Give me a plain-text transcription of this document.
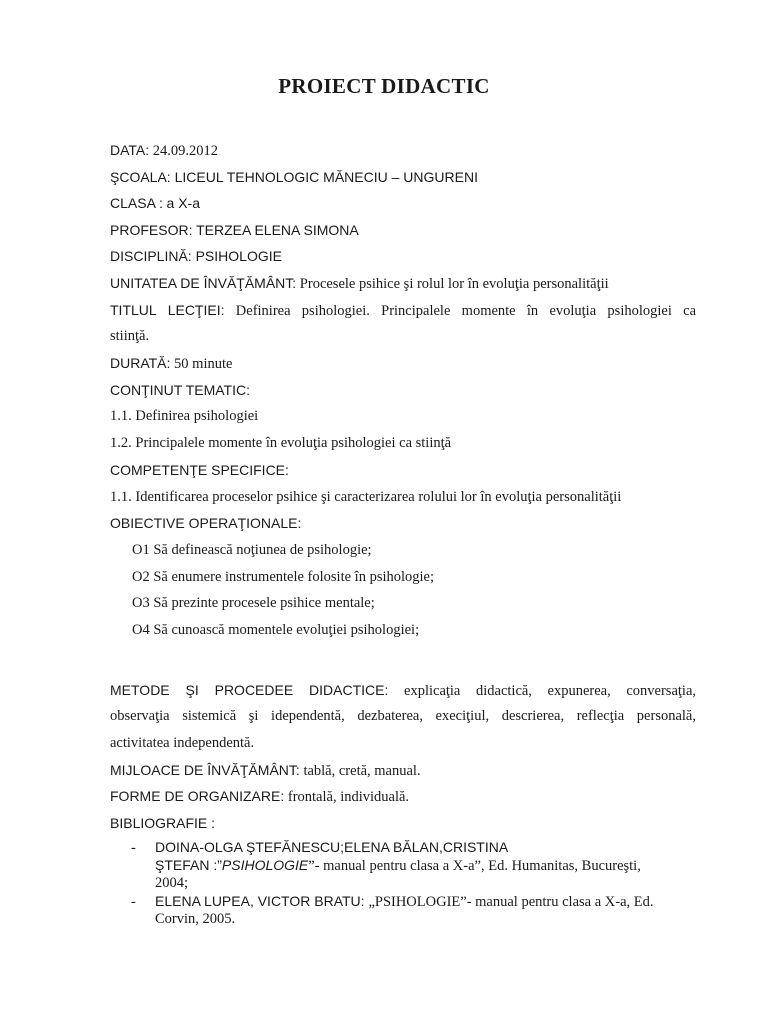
PROIECT DIDACTIC
DATA: 24.09.2012
ŞCOALA: LICEUL TEHNOLOGIC MĂNECIU – UNGURENI
CLASA : a X-a
PROFESOR: TERZEA ELENA SIMONA
DISCIPLINĂ: PSIHOLOGIE
UNITATEA DE ÎNVĂŢĂMÂNT: Procesele psihice şi rolul lor în evoluţia personalităţii
TITLUL LECŢIEI: Definirea psihologiei. Principalele momente în evoluţia psihologiei ca
stiinţă.
DURATĂ: 50 minute
CONŢINUT TEMATIC:
1.1. Definirea psihologiei
1.2. Principalele momente în evoluţia psihologiei ca stiinţă
COMPETENŢE SPECIFICE:
1.1. Identificarea proceselor psihice şi caracterizarea rolului lor în evoluţia personalităţii
OBIECTIVE OPERAŢIONALE:
O1 Să definească noţiunea de psihologie;
O2 Să enumere instrumentele folosite în psihologie;
O3 Să prezinte procesele psihice mentale;
O4 Să cunoască momentele evoluţiei psihologiei;
METODE ŞI PROCEDEE DIDACTICE: explicaţia didactică, expunerea, conversaţia,
observaţia sistemică şi idependentă, dezbaterea, execiţiul, descrierea, reflecţia personală,
activitatea independentă.
MIJLOACE DE ÎNVĂŢĂMÂNT: tablă, cretă, manual.
FORME DE ORGANIZARE: frontală, individuală.
BIBLIOGRAFIE :
- DOINA-OLGA ŞTEFĂNESCU;ELENA BĂLAN,CRISTINA
ŞTEFAN :”PSIHOLOGIE”- manual pentru clasa a X-a”, Ed. Humanitas, Bucureşti,
2004;
- ELENA LUPEA, VICTOR BRATU: „PSIHOLOGIE”- manual pentru clasa a X-a, Ed.
Corvin, 2005.
